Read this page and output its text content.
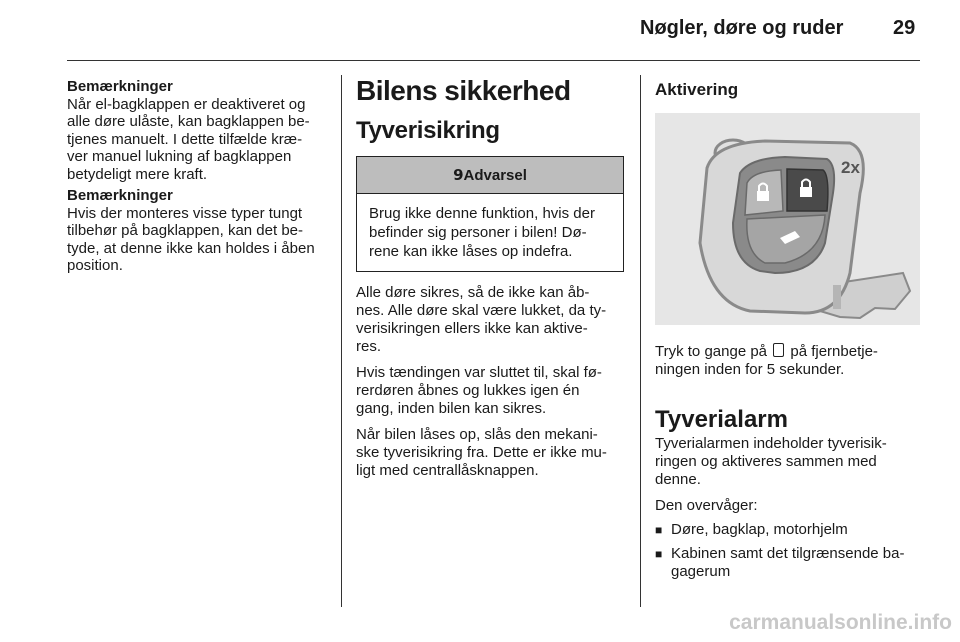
Nøgler, døre og ruder 29
Bemærkninger
Når el-bagklappen er deaktiveret og
alle døre ulåste, kan bagklappen be-
tjenes manuelt. I dette tilfælde kræ-
ver manuel lukning af bagklappen
betydeligt mere kraft.
Bemærkninger
Hvis der monteres visse typer tungt
tilbehør på bagklappen, kan det be-
tyde, at denne ikke kan holdes i åben
position.
Bilens sikkerhed
Tyverisikring
9Advarsel
Brug ikke denne funktion, hvis der
befinder sig personer i bilen! Dø-
rene kan ikke låses op indefra.
Alle døre sikres, så de ikke kan åb-
nes. Alle døre skal være lukket, da ty-
verisikringen ellers ikke kan aktive-
res.
Hvis tændingen var sluttet til, skal fø-
rerdøren åbnes og lukkes igen én
gang, inden bilen kan sikres.
Når bilen låses op, slås den mekani-
ske tyverisikring fra. Dette er ikke mu-
ligt med centrallåsknappen.
Aktivering
2x
Tryk to gange på på fjernbetje-
ningen inden for 5 sekunder.
Tyverialarm
Tyverialarmen indeholder tyverisik-
ringen og aktiveres sammen med
denne.
Den overvåger:
■ Døre, bagklap, motorhjelm
■ Kabinen samt det tilgrænsende ba-
gagerum
carmanualsonline.info
